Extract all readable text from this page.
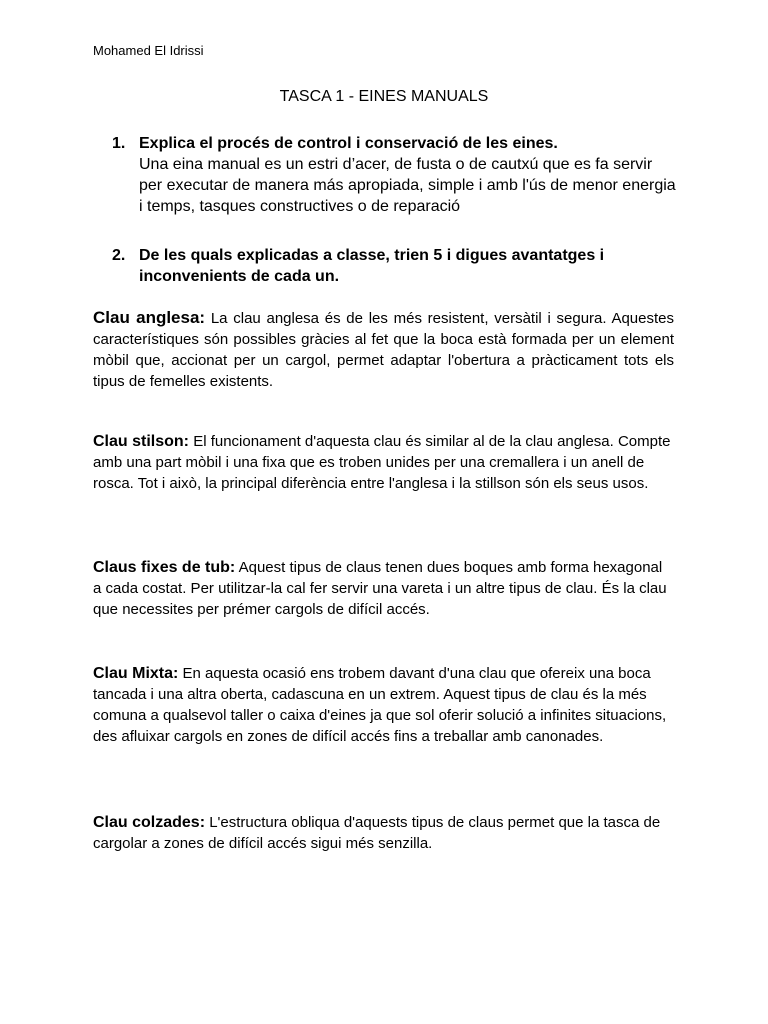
Mohamed El Idrissi
TASCA 1 - EINES MANUALS
1. Explica el procés de control i conservació de les eines.
Una eina manual es un estri d’acer, de fusta o de cautxú que es fa servir per executar de manera más apropiada, simple i amb l'ús de menor energia i temps, tasques constructives o de reparació
2. De les quals explicadas a classe, trien 5 i digues avantatges i inconvenients de cada un.
Clau anglesa: La clau anglesa és de les més resistent, versàtil i segura. Aquestes característiques són possibles gràcies al fet que la boca està formada per un element mòbil que, accionat per un cargol, permet adaptar l'obertura a pràcticament tots els tipus de femelles existents.
Clau stilson: El funcionament d'aquesta clau és similar al de la clau anglesa. Compte amb una part mòbil i una fixa que es troben unides per una cremallera i un anell de rosca. Tot i això, la principal diferència entre l'anglesa i la stillson són els seus usos.
Claus fixes de tub: Aquest tipus de claus tenen dues boques amb forma hexagonal a cada costat. Per utilitzar-la cal fer servir una vareta i un altre tipus de clau. És la clau que necessites per prémer cargols de difícil accés.
Clau Mixta: En aquesta ocasió ens trobem davant d'una clau que ofereix una boca tancada i una altra oberta, cadascuna en un extrem. Aquest tipus de clau és la més comuna a qualsevol taller o caixa d'eines ja que sol oferir solució a infinites situacions, des afluixar cargols en zones de difícil accés fins a treballar amb canonades.
Clau colzades: L'estructura obliqua d'aquests tipus de claus permet que la tasca de cargolar a zones de difícil accés sigui més senzilla.
